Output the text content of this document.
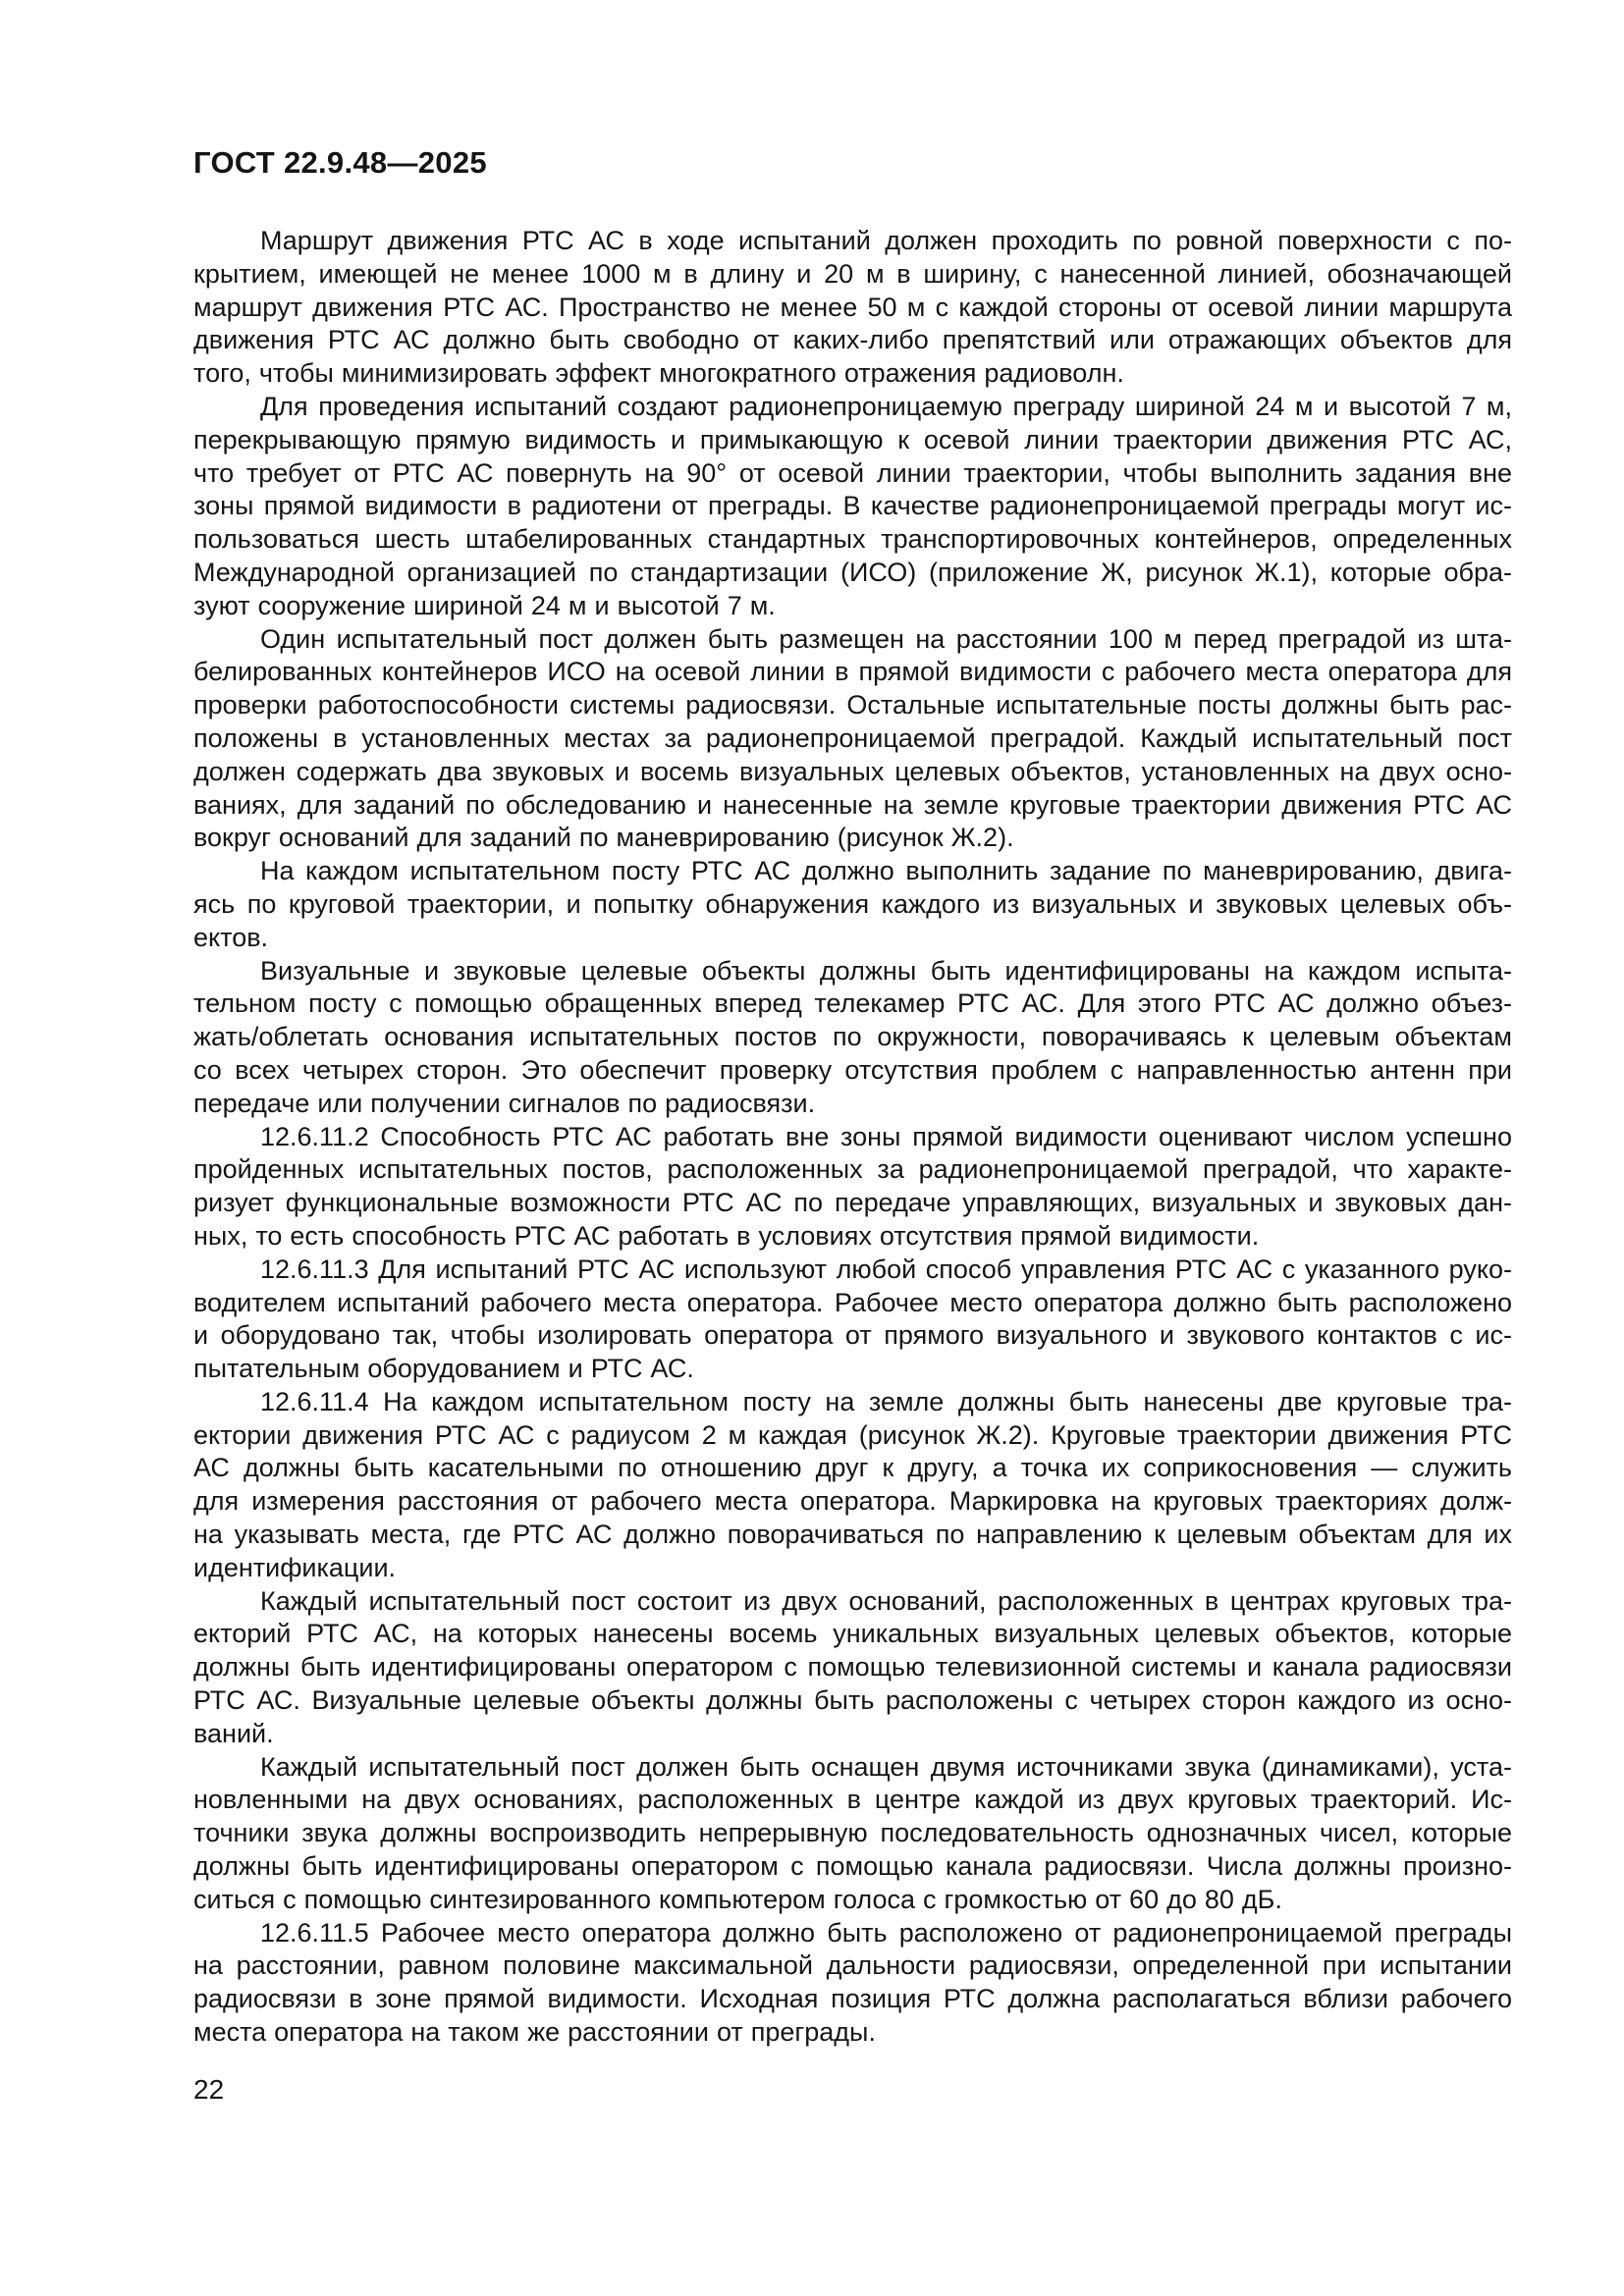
ГОСТ 22.9.48—2025
Маршрут движения РТС АС в ходе испытаний должен проходить по ровной поверхности с по-
крытием, имеющей не менее 1000 м в длину и 20 м в ширину, с нанесенной линией, обозначающей
маршрут движения РТС АС. Пространство не менее 50 м с каждой стороны от осевой линии маршрута
движения РТС АС должно быть свободно от каких-либо препятствий или отражающих объектов для
того, чтобы минимизировать эффект многократного отражения радиоволн.
Для проведения испытаний создают радионепроницаемую преграду шириной 24 м и высотой 7 м,
перекрывающую прямую видимость и примыкающую к осевой линии траектории движения РТС АС,
что требует от РТС АС повернуть на 90° от осевой линии траектории, чтобы выполнить задания вне
зоны прямой видимости в радиотени от преграды. В качестве радионепроницаемой преграды могут ис-
пользоваться шесть штабелированных стандартных транспортировочных контейнеров, определенных
Международной организацией по стандартизации (ИСО) (приложение Ж, рисунок Ж.1), которые обра-
зуют сооружение шириной 24 м и высотой 7 м.
Один испытательный пост должен быть размещен на расстоянии 100 м перед преградой из шта-
белированных контейнеров ИСО на осевой линии в прямой видимости с рабочего места оператора для
проверки работоспособности системы радиосвязи. Остальные испытательные посты должны быть рас-
положены в установленных местах за радионепроницаемой преградой. Каждый испытательный пост
должен содержать два звуковых и восемь визуальных целевых объектов, установленных на двух осно-
ваниях, для заданий по обследованию и нанесенные на земле круговые траектории движения РТС АС
вокруг оснований для заданий по маневрированию (рисунок Ж.2).
На каждом испытательном посту РТС АС должно выполнить задание по маневрированию, двига-
ясь по круговой траектории, и попытку обнаружения каждого из визуальных и звуковых целевых объ-
ектов.
Визуальные и звуковые целевые объекты должны быть идентифицированы на каждом испыта-
тельном посту с помощью обращенных вперед телекамер РТС АС. Для этого РТС АС должно объез-
жать/облетать основания испытательных постов по окружности, поворачиваясь к целевым объектам
со всех четырех сторон. Это обеспечит проверку отсутствия проблем с направленностью антенн при
передаче или получении сигналов по радиосвязи.
12.6.11.2 Способность РТС АС работать вне зоны прямой видимости оценивают числом успешно
пройденных испытательных постов, расположенных за радионепроницаемой преградой, что характе-
ризует функциональные возможности РТС АС по передаче управляющих, визуальных и звуковых дан-
ных, то есть способность РТС АС работать в условиях отсутствия прямой видимости.
12.6.11.3 Для испытаний РТС АС используют любой способ управления РТС АС с указанного руко-
водителем испытаний рабочего места оператора. Рабочее место оператора должно быть расположено
и оборудовано так, чтобы изолировать оператора от прямого визуального и звукового контактов с ис-
пытательным оборудованием и РТС АС.
12.6.11.4 На каждом испытательном посту на земле должны быть нанесены две круговые тра-
ектории движения РТС АС с радиусом 2 м каждая (рисунок Ж.2). Круговые траектории движения РТС
АС должны быть касательными по отношению друг к другу, а точка их соприкосновения — служить
для измерения расстояния от рабочего места оператора. Маркировка на круговых траекториях долж-
на указывать места, где РТС АС должно поворачиваться по направлению к целевым объектам для их
идентификации.
Каждый испытательный пост состоит из двух оснований, расположенных в центрах круговых тра-
екторий РТС АС, на которых нанесены восемь уникальных визуальных целевых объектов, которые
должны быть идентифицированы оператором с помощью телевизионной системы и канала радиосвязи
РТС АС. Визуальные целевые объекты должны быть расположены с четырех сторон каждого из осно-
ваний.
Каждый испытательный пост должен быть оснащен двумя источниками звука (динамиками), уста-
новленными на двух основаниях, расположенных в центре каждой из двух круговых траекторий. Ис-
точники звука должны воспроизводить непрерывную последовательность однозначных чисел, которые
должны быть идентифицированы оператором с помощью канала радиосвязи. Числа должны произно-
ситься с помощью синтезированного компьютером голоса с громкостью от 60 до 80 дБ.
12.6.11.5 Рабочее место оператора должно быть расположено от радионепроницаемой преграды
на расстоянии, равном половине максимальной дальности радиосвязи, определенной при испытании
радиосвязи в зоне прямой видимости. Исходная позиция РТС должна располагаться вблизи рабочего
места оператора на таком же расстоянии от преграды.
22
